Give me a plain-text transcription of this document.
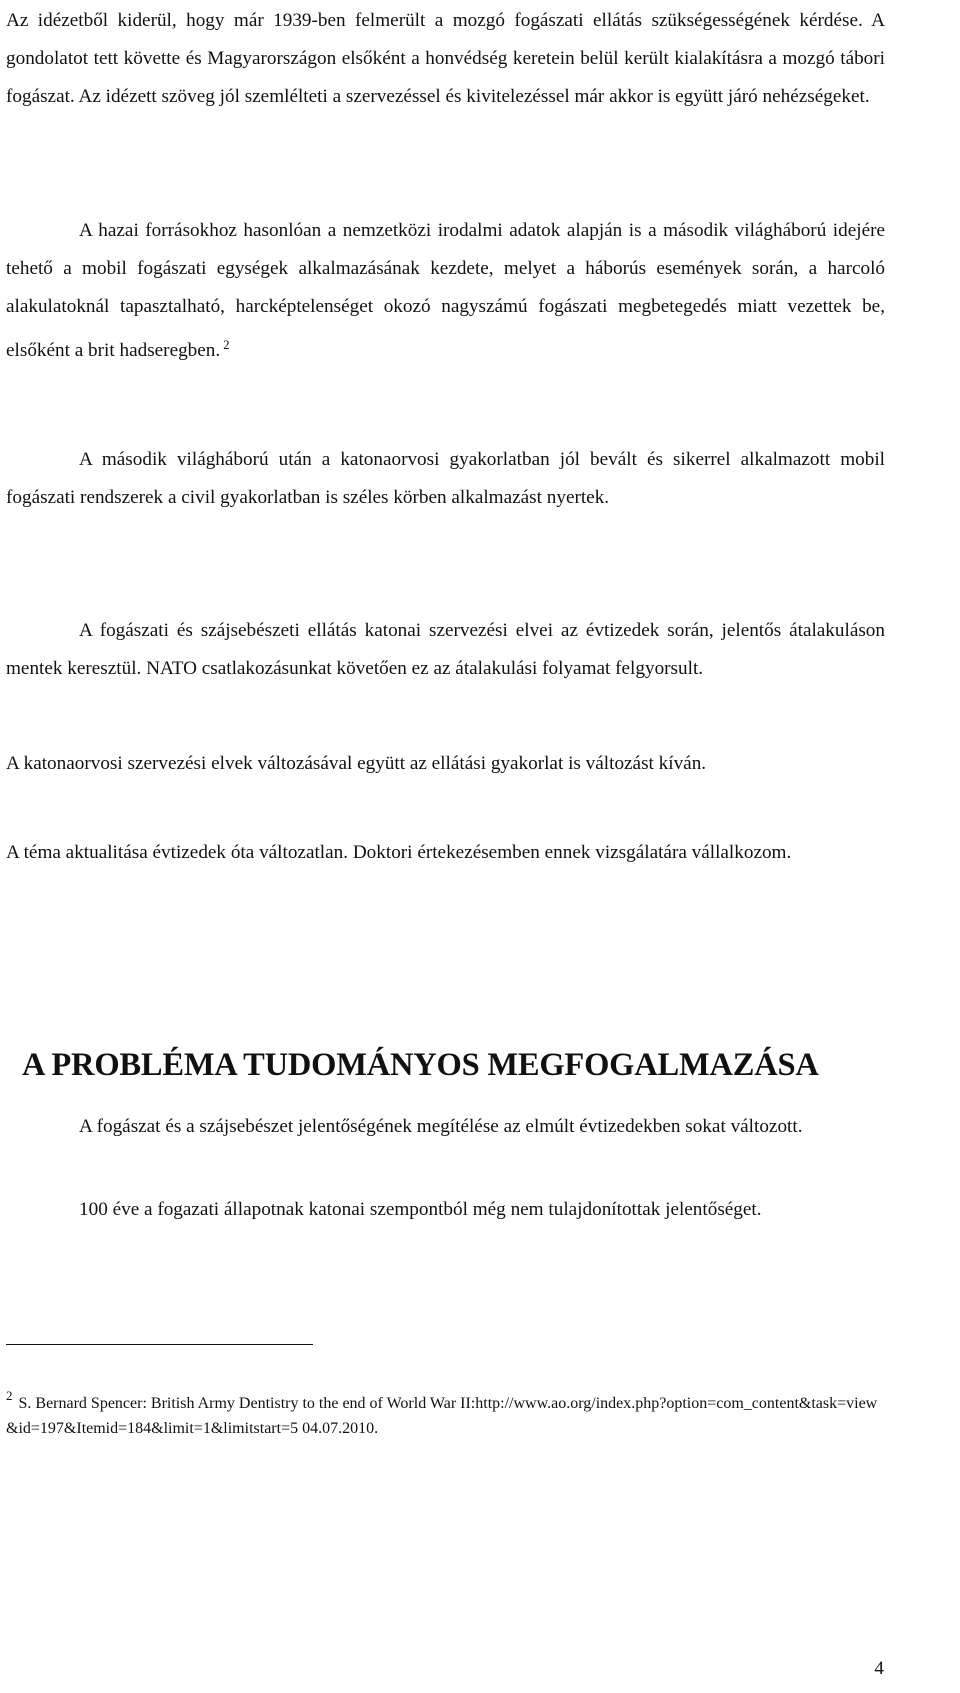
Az idézetből kiderül, hogy már 1939-ben felmerült a mozgó fogászati ellátás szükségességének kérdése. A gondolatot tett követte és Magyarországon elsőként a honvédség keretein belül került kialakításra a mozgó tábori fogászat. Az idézett szöveg jól szemlélteti a szervezéssel és kivitelezéssel már akkor is együtt járó nehézségeket.

A hazai forrásokhoz hasonlóan a nemzetközi irodalmi adatok alapján is a második világháború idejére tehető a mobil fogászati egységek alkalmazásának kezdete, melyet a háborús események során, a harcoló alakulatoknál tapasztalható, harcképtelenséget okozó nagyszámú fogászati megbetegedés miatt vezettek be, elsőként a brit hadseregben. $^2$

A második világháború után a katonaorvosi gyakorlatban jól bevált és sikerrel alkalmazott mobil fogászati rendszerek a civil gyakorlatban is széles körben alkalmazást nyertek.

A fogászati és szájsebészeti ellátás katonai szervezési elvei az évtizedek során, jelentős átalakuláson mentek keresztül. NATO csatlakozásunkat követően ez az átalakulási folyamat felgyorsult.

A katonaorvosi szervezési elvek változásával együtt az ellátási gyakorlat is változást kíván.

A téma aktualitása évtizedek óta változatlan. Doktori értekezésemben ennek vizsgálatára vállalkozom.

A PROBLÉMA TUDOMÁNYOS MEGFOGALMAZÁSA

A fogászat és a szájsebészet jelentőségének megítélése az elmúlt évtizedekben sokat változott.

100 éve a fogazati állapotnak katonai szempontból még nem tulajdonítottak jelentőséget.

$^2$ S. Bernard Spencer: British Army Dentistry to the end of World War II:http://www.ao.org/index.php?option=com_content&task=view&id=197&Itemid=184&limit=1&limitstart=5 04.07.2010.

4
